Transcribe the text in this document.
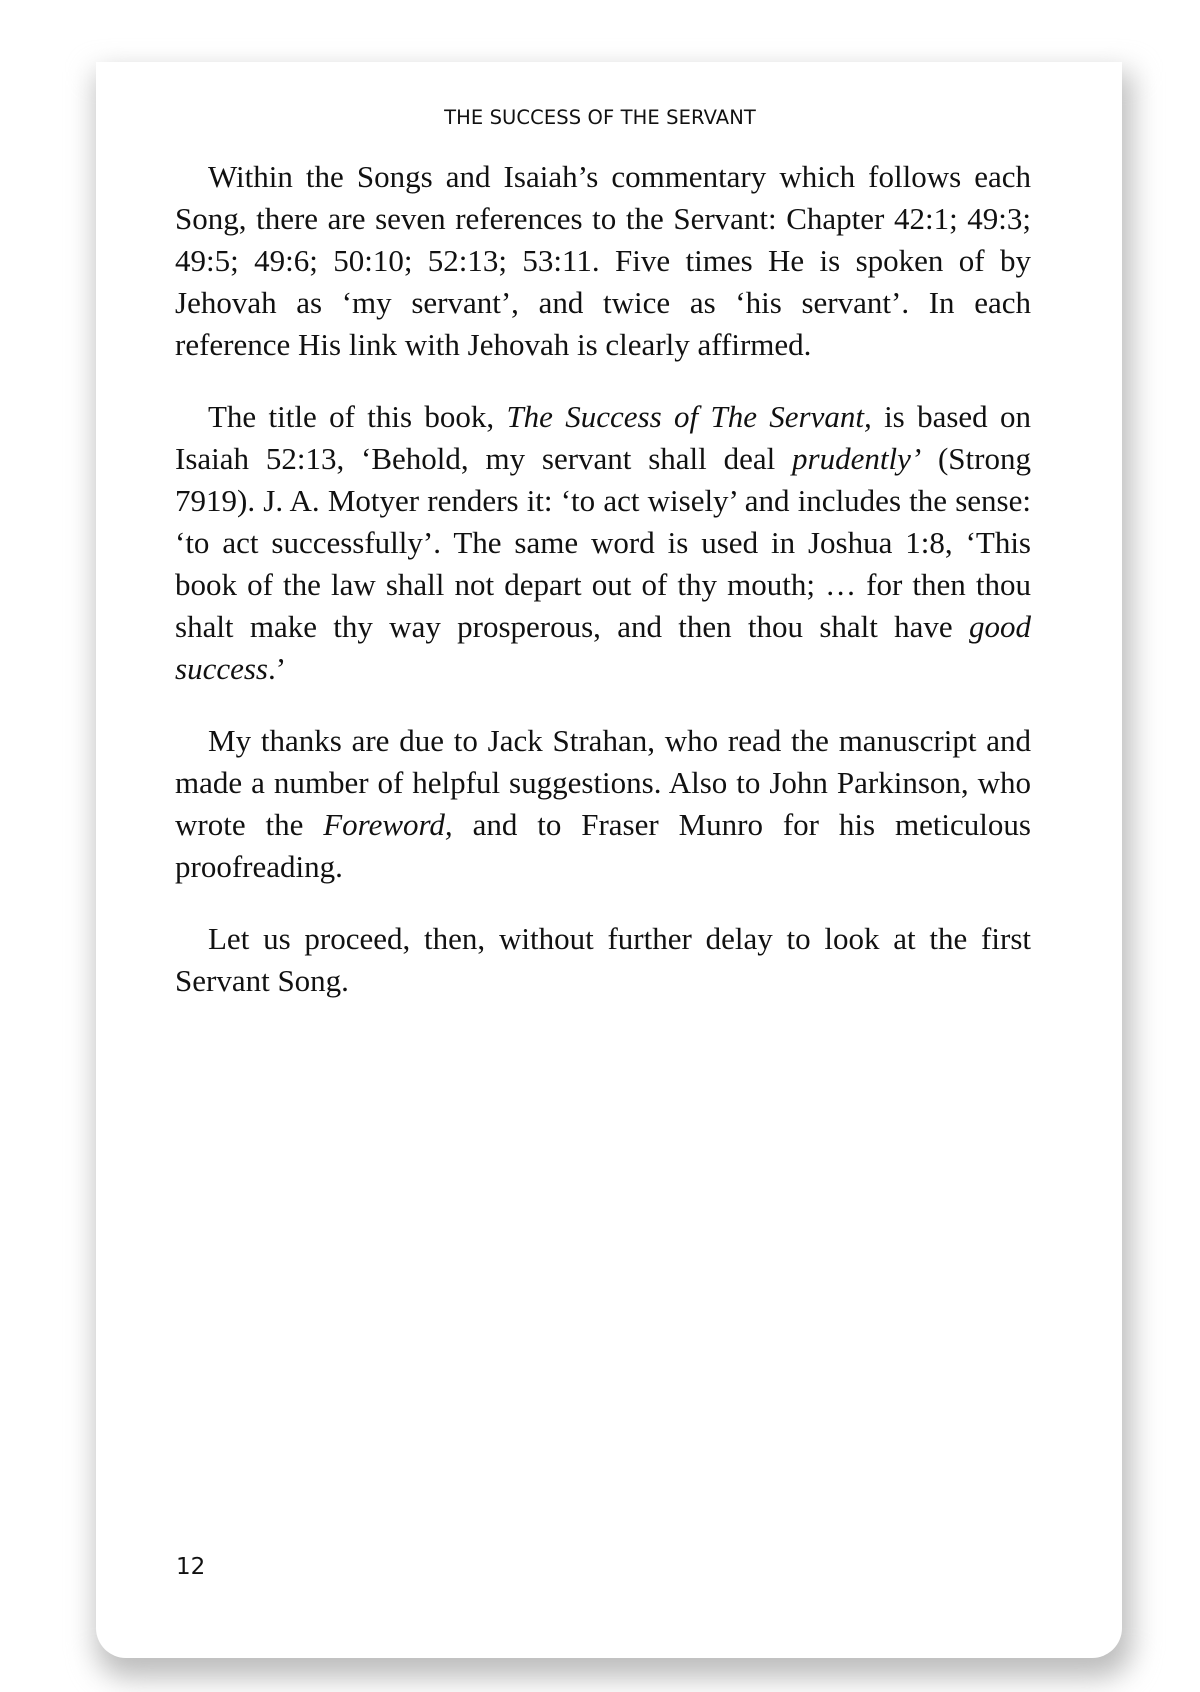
THE SUCCESS OF THE SERVANT

Within the Songs and Isaiah’s commentary which follows each Song, there are seven references to the Servant: Chapter 42:1; 49:3; 49:5; 49:6; 50:10; 52:13; 53:11. Five times He is spoken of by Jehovah as ‘my servant’, and twice as ‘his servant’. In each reference His link with Jehovah is clearly affirmed.

The title of this book, The Success of The Servant, is based on Isaiah 52:13, ‘Behold, my servant shall deal prudently’ (Strong 7919). J. A. Motyer renders it: ‘to act wisely’ and includes the sense: ‘to act successfully’. The same word is used in Joshua 1:8, ‘This book of the law shall not depart out of thy mouth; … for then thou shalt make thy way prosperous, and then thou shalt have good success.’

My thanks are due to Jack Strahan, who read the manuscript and made a number of helpful suggestions. Also to John Parkinson, who wrote the Foreword, and to Fraser Munro for his meticulous proofreading.

Let us proceed, then, without further delay to look at the first Servant Song.

12
